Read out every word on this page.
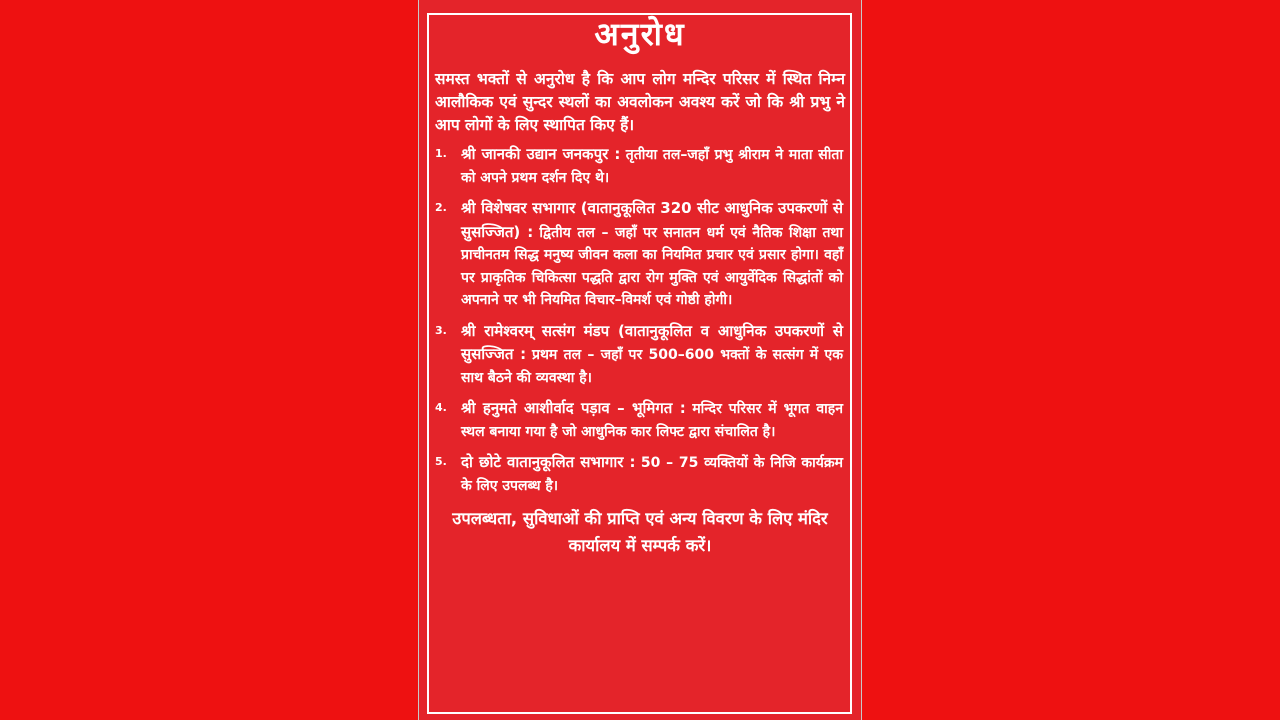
अनुरोध
समस्त भक्तों से अनुरोध है कि आप लोग मन्दिर परिसर में स्थित निम्न आलौकिक एवं सुन्दर स्थलों का अवलोकन अवश्य करें जो कि श्री प्रभु ने आप लोगों के लिए स्थापित किए हैं।
1. श्री जानकी उद्यान जनकपुर : तृतीया तल–जहाँ प्रभु श्रीराम ने माता सीता को अपने प्रथम दर्शन दिए थे।
2. श्री विशेषवर सभागार (वातानुकूलित 320 सीट आधुनिक उपकरणों से सुसज्जित) : द्वितीय तल – जहाँ पर सनातन धर्म एवं नैतिक शिक्षा तथा प्राचीनतम सिद्ध मनुष्य जीवन कला का नियमित प्रचार एवं प्रसार होगा। वहाँ पर प्राकृतिक चिकित्सा पद्धति द्वारा रोग मुक्ति एवं आयुर्वेदिक सिद्धांतों को अपनाने पर भी नियमित विचार–विमर्श एवं गोष्ठी होगी।
3. श्री रामेश्वरम् सत्संग मंडप (वातानुकूलित व आधुनिक उपकरणों से सुसज्जित : प्रथम तल – जहाँ पर 500–600 भक्तों के सत्संग में एक साथ बैठने की व्यवस्था है।
4. श्री हनुमते आशीर्वाद पड़ाव – भूमिगत : मन्दिर परिसर में भूगत वाहन स्थल बनाया गया है जो आधुनिक कार लिफ्ट द्वारा संचालित है।
5. दो छोटे वातानुकूलित सभागार : 50 – 75 व्यक्तियों के निजि कार्यक्रम के लिए उपलब्ध है।
उपलब्धता, सुविधाओं की प्राप्ति एवं अन्य विवरण के लिए मंदिर कार्यालय में सम्पर्क करें।
